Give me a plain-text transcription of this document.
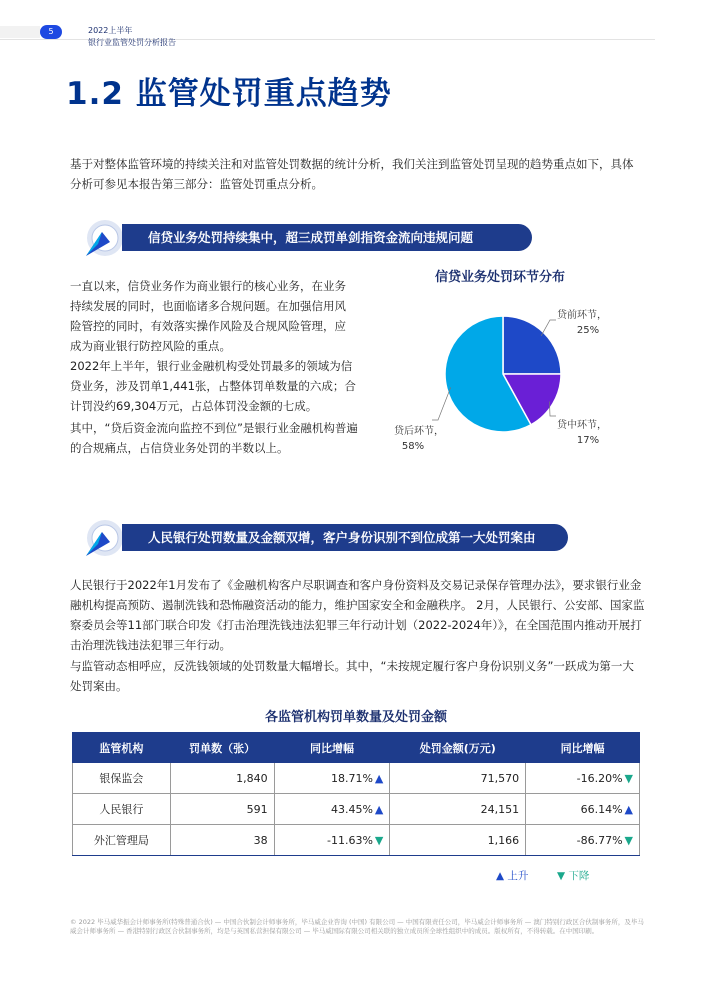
5	2022上半年
银行业监管处罚分析报告
1.2 监管处罚重点趋势
基于对整体监管环境的持续关注和对监管处罚数据的统计分析，我们关注到监管处罚呈现的趋势重点如下，具体分析可参见本报告第三部分：监管处罚重点分析。
信贷业务处罚持续集中，超三成罚单剑指资金流向违规问题
一直以来，信贷业务作为商业银行的核心业务，在业务持续发展的同时，也面临诸多合规问题。在加强信用风险管控的同时，有效落实操作风险及合规风险管理，应成为商业银行防控风险的重点。
2022年上半年，银行业金融机构受处罚最多的领域为信贷业务，涉及罚单1,441张，占整体罚单数量的六成；合计罚没约69,304万元，占总体罚没金额的七成。
其中，“贷后资金流向监控不到位”是银行业金融机构普遍的合规痛点，占信贷业务处罚的半数以上。
信贷业务处罚环节分布
贷前环节，
25%
贷中环节，
17%
贷后环节，
58%
人民银行处罚数量及金额双增，客户身份识别不到位成第一大处罚案由
人民银行于2022年1月发布了《金融机构客户尽职调查和客户身份资料及交易记录保存管理办法》，要求银行业金融机构提高预防、遏制洗钱和恐怖融资活动的能力，维护国家安全和金融秩序。 2月，人民银行、公安部、国家监察委员会等11部门联合印发《打击治理洗钱违法犯罪三年行动计划（2022-2024年）》，在全国范围内推动开展打击治理洗钱违法犯罪三年行动。
与监管动态相呼应，反洗钱领域的处罚数量大幅增长。其中，“未按规定履行客户身份识别义务”一跃成为第一大处罚案由。
各监管机构罚单数量及处罚金额
监管机构	罚单数（张）	同比增幅	处罚金额(万元)	同比增幅
银保监会	1,840	18.71% ▲	71,570	-16.20% ▼
人民银行	591	43.45% ▲	24,151	66.14% ▲
外汇管理局	38	-11.63% ▼	1,166	-86.77% ▼
▲ 上升	▼ 下降
© 2022 毕马威华振会计师事务所(特殊普通合伙) — 中国合伙制会计师事务所，毕马威企业咨询 (中国) 有限公司 — 中国有限责任公司，毕马威会计师事务所 — 澳门特别行政区合伙制事务所，及毕马威会计师事务所 — 香港特别行政区合伙制事务所，均是与英国私营担保有限公司 — 毕马威国际有限公司相关联的独立成员所全球性组织中的成员。版权所有，不得转载。在中国印刷。
